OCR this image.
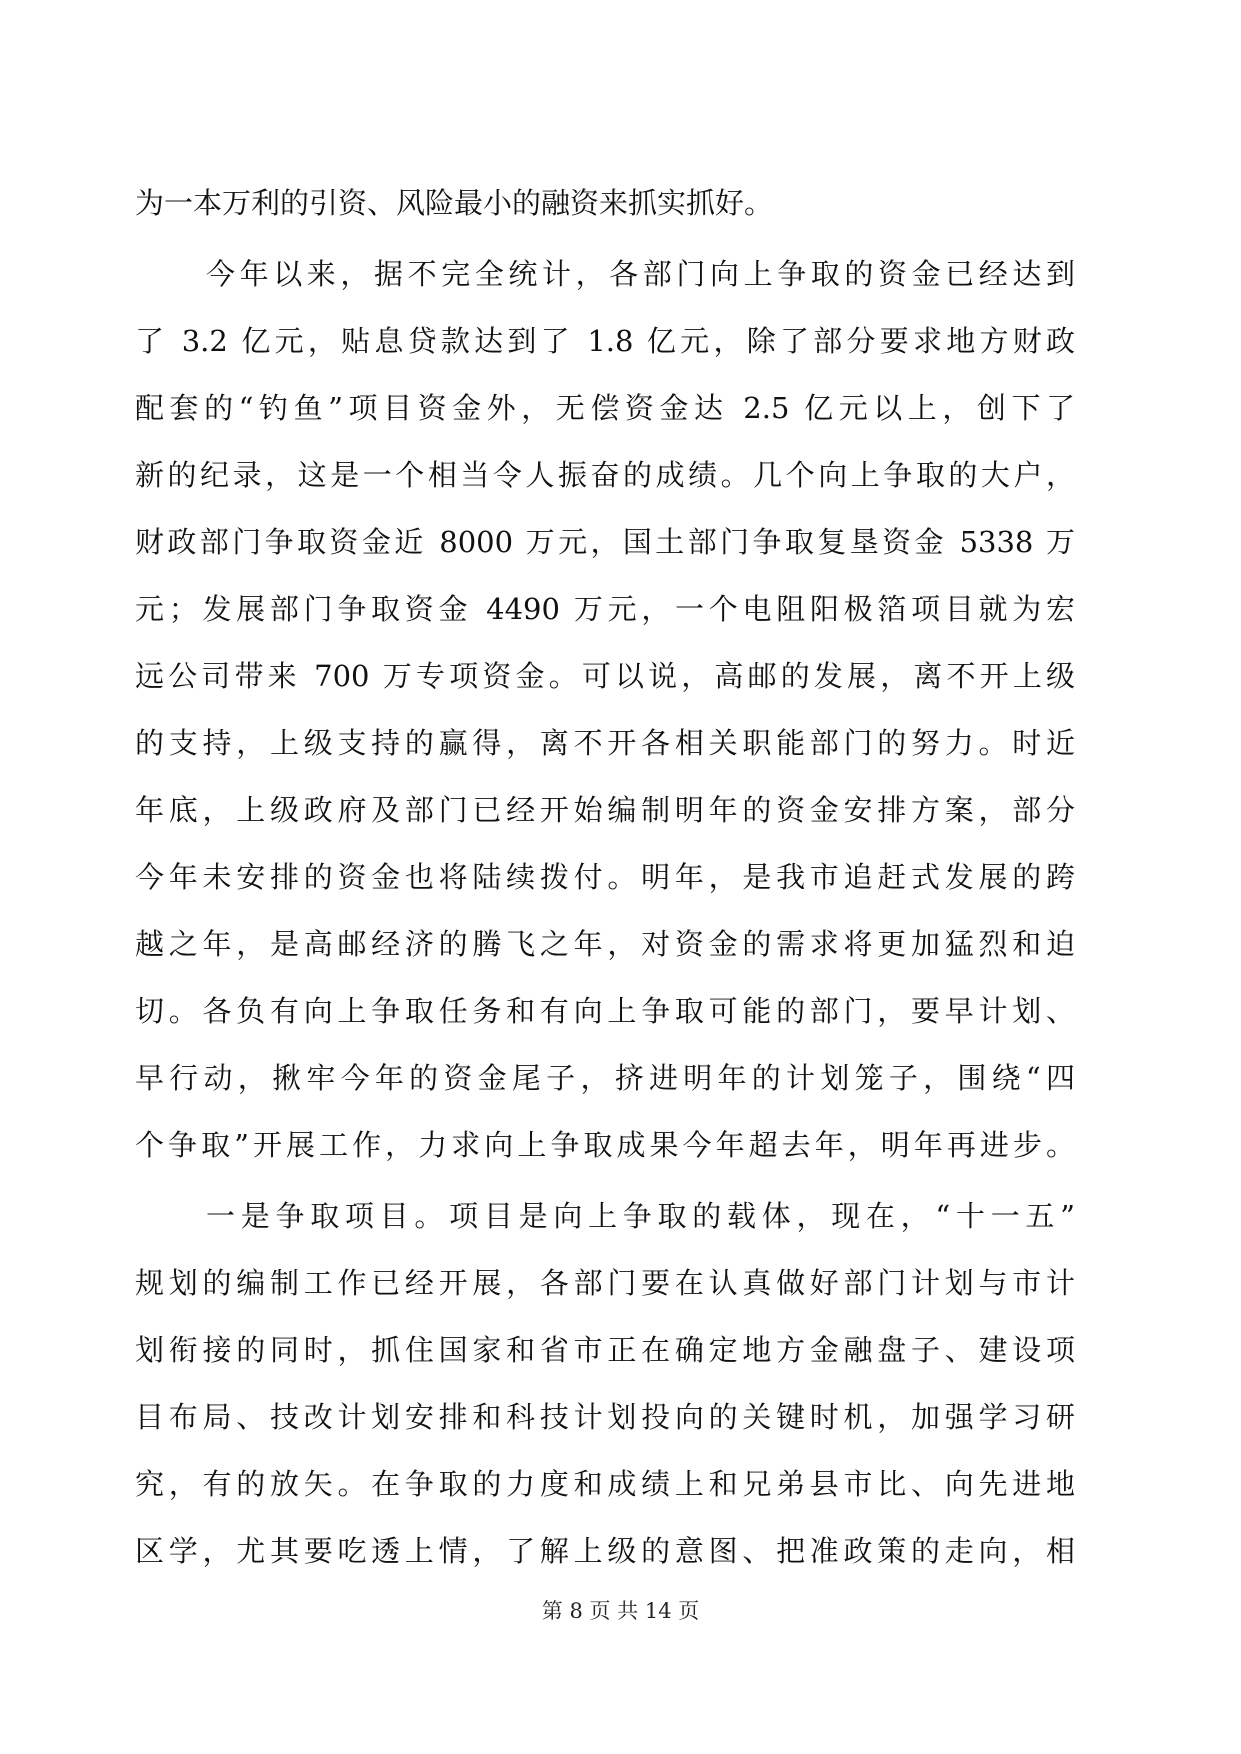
为一本万利的引资、风险最小的融资来抓实抓好。
今年以来，据不完全统计，各部门向上争取的资金已经达到
了 3.2 亿元，贴息贷款达到了 1.8 亿元，除了部分要求地方财政
配套的“钓鱼”项目资金外，无偿资金达 2.5 亿元以上，创下了
新的纪录，这是一个相当令人振奋的成绩。几个向上争取的大户，
财政部门争取资金近 8000 万元，国土部门争取复垦资金 5338 万
元；发展部门争取资金 4490 万元，一个电阻阳极箔项目就为宏
远公司带来 700 万专项资金。可以说，高邮的发展，离不开上级
的支持，上级支持的赢得，离不开各相关职能部门的努力。时近
年底，上级政府及部门已经开始编制明年的资金安排方案，部分
今年未安排的资金也将陆续拨付。明年，是我市追赶式发展的跨
越之年，是高邮经济的腾飞之年，对资金的需求将更加猛烈和迫
切。各负有向上争取任务和有向上争取可能的部门，要早计划、
早行动，揪牢今年的资金尾子，挤进明年的计划笼子，围绕“四
个争取”开展工作，力求向上争取成果今年超去年，明年再进步。
一是争取项目。项目是向上争取的载体，现在，“十一五”
规划的编制工作已经开展，各部门要在认真做好部门计划与市计
划衔接的同时，抓住国家和省市正在确定地方金融盘子、建设项
目布局、技改计划安排和科技计划投向的关键时机，加强学习研
究，有的放矢。在争取的力度和成绩上和兄弟县市比、向先进地
区学，尤其要吃透上情，了解上级的意图、把准政策的走向，相
第 8 页 共 14 页
